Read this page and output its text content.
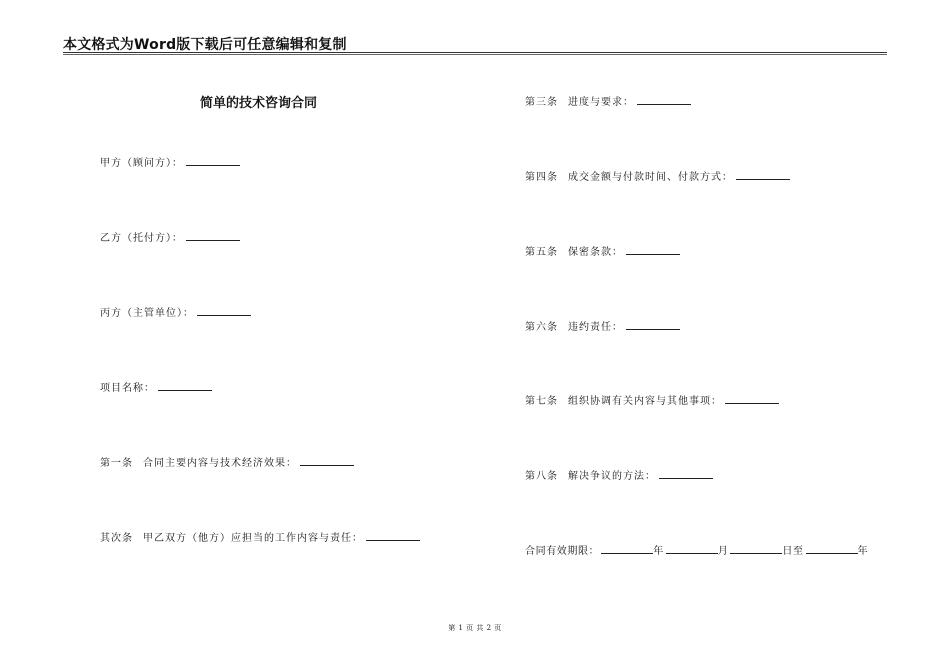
本文格式为Word版下载后可任意编辑和复制
简单的技术咨询合同
甲方（顾问方）：
乙方（托付方）：
丙方（主管单位）：
项目名称：
第一条 合同主要内容与技术经济效果：
其次条 甲乙双方（他方）应担当的工作内容与责任：
第三条 进度与要求：
第四条 成交金额与付款时间、付款方式：
第五条 保密条款：
第六条 违约责任：
第七条 组织协调有关内容与其他事项：
第八条 解决争议的方法：
合同有效期限：	年	月	日至	年
第 1 页 共 2 页
